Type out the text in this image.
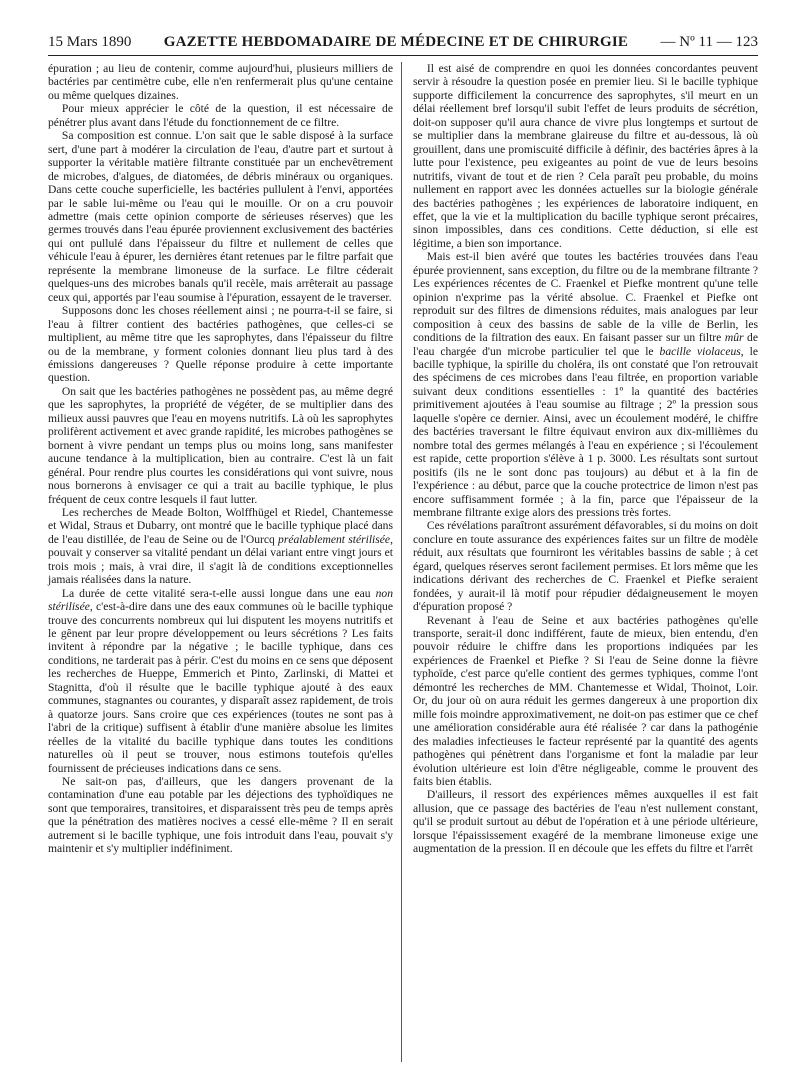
15 Mars 1890 GAZETTE HEBDOMADAIRE DE MÉDECINE ET DE CHIRURGIE — Nº 11 — 123

épuration ; au lieu de contenir, comme aujourd'hui, plusieurs milliers de bactéries par centimètre cube, elle n'en renfermerait plus qu'une centaine ou même quelques dizaines.

Pour mieux apprécier le côté de la question, il est nécessaire de pénétrer plus avant dans l'étude du fonctionnement de ce filtre.

Sa composition est connue. L'on sait que le sable disposé à la surface sert, d'une part à modérer la circulation de l'eau, d'autre part et surtout à supporter la véritable matière filtrante constituée par un enchevêtrement de microbes, d'algues, de diatomées, de débris minéraux ou organiques. Dans cette couche superficielle, les bactéries pullulent à l'envi, apportées par le sable lui-même ou l'eau qui le mouille. Or on a cru pouvoir admettre (mais cette opinion comporte de sérieuses réserves) que les germes trouvés dans l'eau épurée proviennent exclusivement des bactéries qui ont pullulé dans l'épaisseur du filtre et nullement de celles que véhicule l'eau à épurer, les dernières étant retenues par le filtre parfait que représente la membrane limoneuse de la surface. Le filtre céderait quelques-uns des microbes banals qu'il recèle, mais arrêterait au passage ceux qui, apportés par l'eau soumise à l'épuration, essayent de le traverser.

Supposons donc les choses réellement ainsi ; ne pourra-t-il se faire, si l'eau à filtrer contient des bactéries pathogènes, que celles-ci se multiplient, au même titre que les saprophytes, dans l'épaisseur du filtre ou de la membrane, y forment colonies donnant lieu plus tard à des émissions dangereuses ? Quelle réponse produire à cette importante question.

On sait que les bactéries pathogènes ne possèdent pas, au même degré que les saprophytes, la propriété de végéter, de se multiplier dans des milieux aussi pauvres que l'eau en moyens nutritifs. Là où les saprophytes prolifèrent activement et avec grande rapidité, les microbes pathogènes se bornent à vivre pendant un temps plus ou moins long, sans manifester aucune tendance à la multiplication, bien au contraire. C'est là un fait général. Pour rendre plus courtes les considérations qui vont suivre, nous nous bornerons à envisager ce qui a trait au bacille typhique, le plus fréquent de ceux contre lesquels il faut lutter.

Les recherches de Meade Bolton, Wolffhügel et Riedel, Chantemesse et Widal, Straus et Dubarry, ont montré que le bacille typhique placé dans de l'eau distillée, de l'eau de Seine ou de l'Ourcq préalablement stérilisée, pouvait y conserver sa vitalité pendant un délai variant entre vingt jours et trois mois ; mais, à vrai dire, il s'agit là de conditions exceptionnelles jamais réalisées dans la nature.

La durée de cette vitalité sera-t-elle aussi longue dans une eau non stérilisée, c'est-à-dire dans une des eaux communes où le bacille typhique trouve des concurrents nombreux qui lui disputent les moyens nutritifs et le gênent par leur propre développement ou leurs sécrétions ? Les faits invitent à répondre par la négative ; le bacille typhique, dans ces conditions, ne tarderait pas à périr. C'est du moins en ce sens que déposent les recherches de Hueppe, Emmerich et Pinto, Zarlinski, di Mattei et Stagnitta, d'où il résulte que le bacille typhique ajouté à des eaux communes, stagnantes ou courantes, y disparaît assez rapidement, de trois à quatorze jours. Sans croire que ces expériences (toutes ne sont pas à l'abri de la critique) suffisent à établir d'une manière absolue les limites réelles de la vitalité du bacille typhique dans toutes les conditions naturelles où il peut se trouver, nous estimons toutefois qu'elles fournissent de précieuses indications dans ce sens.

Ne sait-on pas, d'ailleurs, que les dangers provenant de la contamination d'une eau potable par les déjections des typhoïdiques ne sont que temporaires, transitoires, et disparaissent très peu de temps après que la pénétration des matières nocives a cessé elle-même ? Il en serait autrement si le bacille typhique, une fois introduit dans l'eau, pouvait s'y maintenir et s'y multiplier indéfiniment.

Il est aisé de comprendre en quoi les données concordantes peuvent servir à résoudre la question posée en premier lieu. Si le bacille typhique supporte difficilement la concurrence des saprophytes, s'il meurt en un délai réellement bref lorsqu'il subit l'effet de leurs produits de sécrétion, doit-on supposer qu'il aura chance de vivre plus longtemps et surtout de se multiplier dans la membrane glaireuse du filtre et au-dessous, là où grouillent, dans une promiscuité difficile à définir, des bactéries âpres à la lutte pour l'existence, peu exigeantes au point de vue de leurs besoins nutritifs, vivant de tout et de rien ? Cela paraît peu probable, du moins nullement en rapport avec les données actuelles sur la biologie générale des bactéries pathogènes ; les expériences de laboratoire indiquent, en effet, que la vie et la multiplication du bacille typhique seront précaires, sinon impossibles, dans ces conditions. Cette déduction, si elle est légitime, a bien son importance.

Mais est-il bien avéré que toutes les bactéries trouvées dans l'eau épurée proviennent, sans exception, du filtre ou de la membrane filtrante ? Les expériences récentes de C. Fraenkel et Piefke montrent qu'une telle opinion n'exprime pas la vérité absolue. C. Fraenkel et Piefke ont reproduit sur des filtres de dimensions réduites, mais analogues par leur composition à ceux des bassins de sable de la ville de Berlin, les conditions de la filtration des eaux. En faisant passer sur un filtre mûr de l'eau chargée d'un microbe particulier tel que le bacille violaceus, le bacille typhique, la spirille du choléra, ils ont constaté que l'on retrouvait des spécimens de ces microbes dans l'eau filtrée, en proportion variable suivant deux conditions essentielles : 1º la quantité des bactéries primitivement ajoutées à l'eau soumise au filtrage ; 2º la pression sous laquelle s'opère ce dernier. Ainsi, avec un écoulement modéré, le chiffre des bactéries traversant le filtre équivaut environ aux dix-millièmes du nombre total des germes mélangés à l'eau en expérience ; si l'écoulement est rapide, cette proportion s'élève à 1 p. 3000. Les résultats sont surtout positifs (ils ne le sont donc pas toujours) au début et à la fin de l'expérience : au début, parce que la couche protectrice de limon n'est pas encore suffisamment formée ; à la fin, parce que l'épaisseur de la membrane filtrante exige alors des pressions très fortes.

Ces révélations paraîtront assurément défavorables, si du moins on doit conclure en toute assurance des expériences faites sur un filtre de modèle réduit, aux résultats que fourniront les véritables bassins de sable ; à cet égard, quelques réserves seront facilement permises. Et lors même que les indications dérivant des recherches de C. Fraenkel et Piefke seraient fondées, y aurait-il là motif pour répudier dédaigneusement le moyen d'épuration proposé ?

Revenant à l'eau de Seine et aux bactéries pathogènes qu'elle transporte, serait-il donc indifférent, faute de mieux, bien entendu, d'en pouvoir réduire le chiffre dans les proportions indiquées par les expériences de Fraenkel et Piefke ? Si l'eau de Seine donne la fièvre typhoïde, c'est parce qu'elle contient des germes typhiques, comme l'ont démontré les recherches de MM. Chantemesse et Widal, Thoinot, Loir. Or, du jour où on aura réduit les germes dangereux à une proportion dix mille fois moindre approximativement, ne doit-on pas estimer que ce chef une amélioration considérable aura été réalisée ? car dans la pathogénie des maladies infectieuses le facteur représenté par la quantité des agents pathogènes qui pénètrent dans l'organisme et font la maladie par leur évolution ultérieure est loin d'être négligeable, comme le prouvent des faits bien établis.

D'ailleurs, il ressort des expériences mêmes auxquelles il est fait allusion, que ce passage des bactéries de l'eau n'est nullement constant, qu'il se produit surtout au début de l'opération et à une période ultérieure, lorsque l'épaississement exagéré de la membrane limoneuse exige une augmentation de la pression. Il en découle que les effets du filtre et l'arrêt
